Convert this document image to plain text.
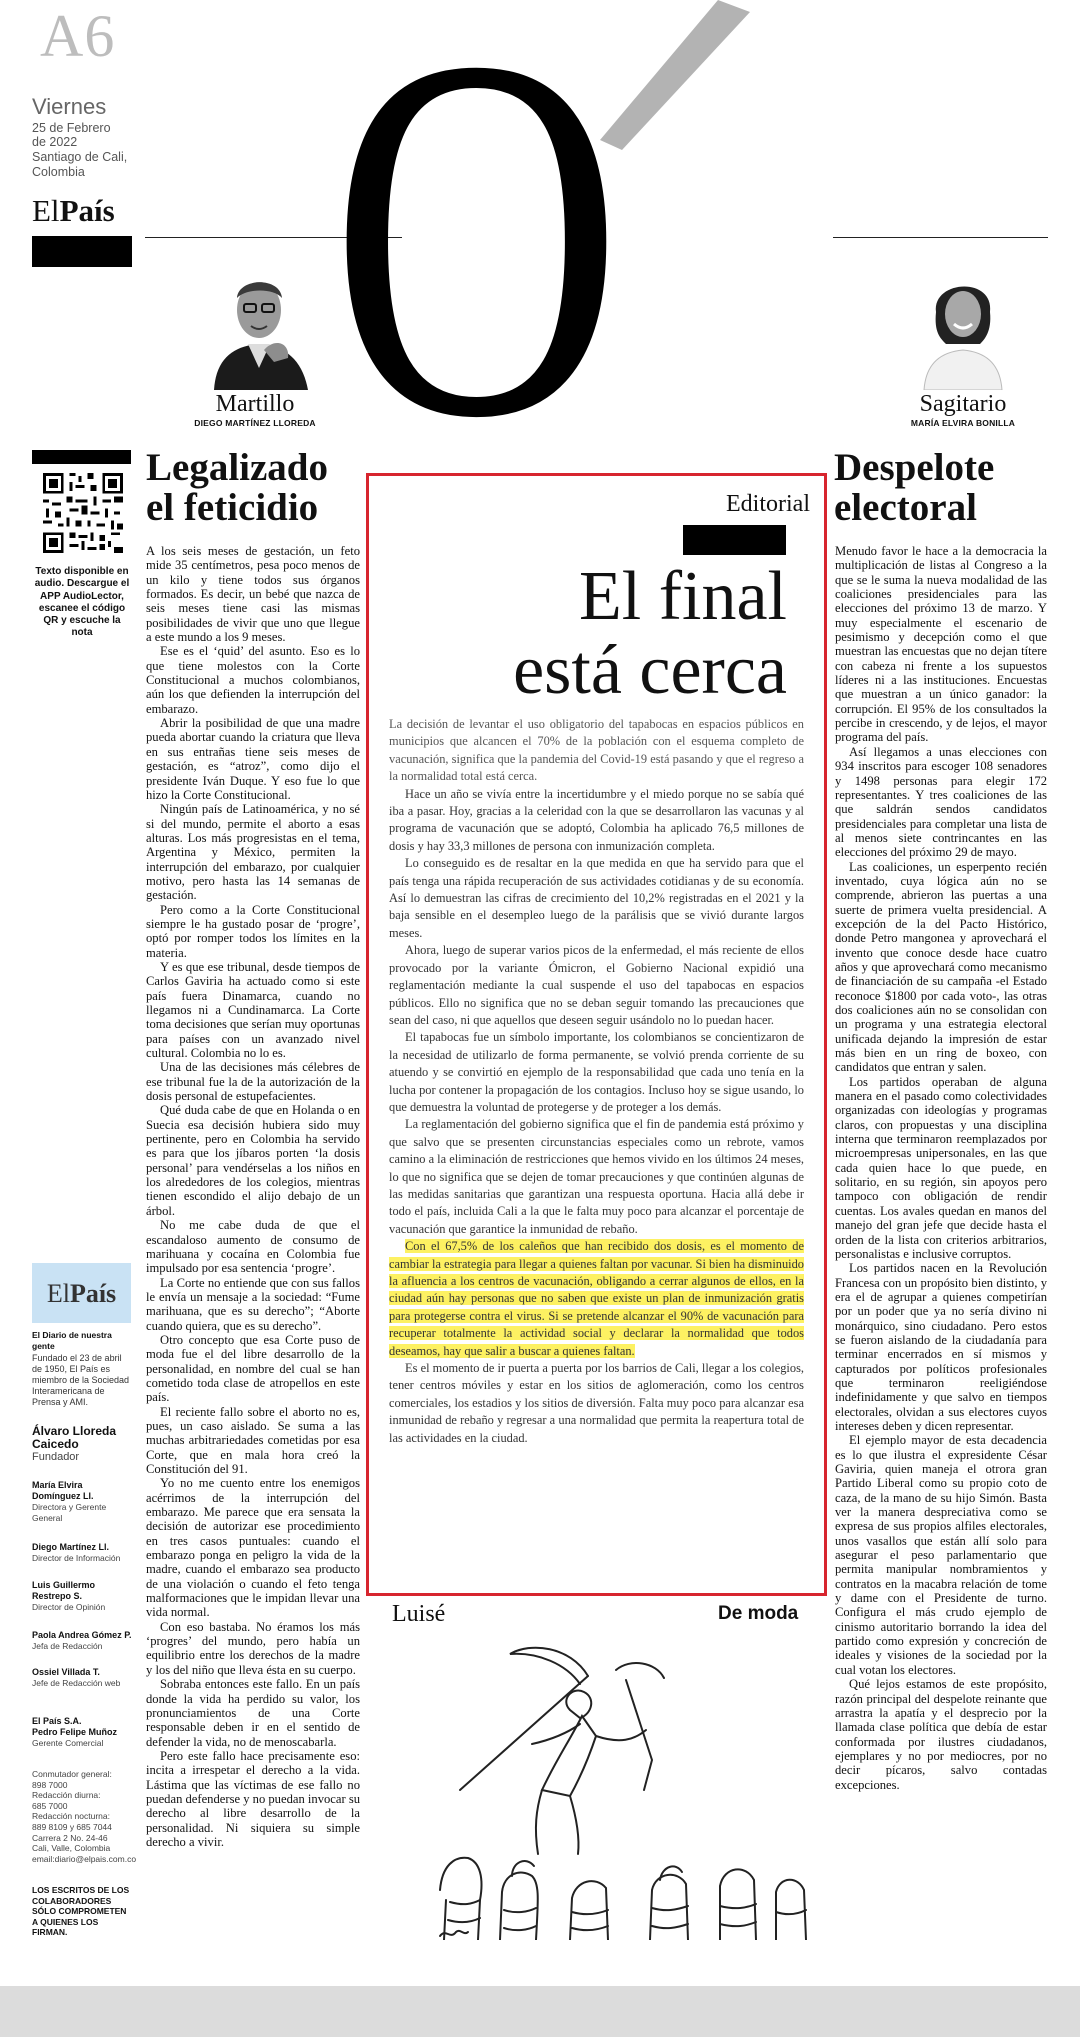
A6
Viernes
25 de Febrero
de 2022
Santiago de Cali,
Colombia
ElPaís O
Martillo
DIEGO MARTÍNEZ LLOREDA
Sagitario
MARÍA ELVIRA BONILLA
Texto disponible en audio. Descargue el APP AudioLector, escanee el código QR y escuche la nota
ElPaís
El Diario de nuestra gente
Fundado el 23 de abril de 1950, El País es miembro de la Sociedad Interamericana de Prensa y AMI.
Álvaro Lloreda Caicedo
Fundador
María Elvira Domínguez Ll.
Directora y Gerente General
Diego Martínez Ll.
Director de Información
Luis Guillermo Restrepo S.
Director de Opinión
Paola Andrea Gómez P.
Jefa de Redacción
Ossiel Villada T.
Jefe de Redacción web
El País S.A.
Pedro Felipe Muñoz
Gerente Comercial
Conmutador general:
898 7000
Redacción diurna:
685 7000
Redacción nocturna:
889 8109 y 685 7044
Carrera 2 No. 24-46
Cali, Valle, Colombia
email:diario@elpais.com.co
LOS ESCRITOS DE LOS COLABORADORES SÓLO COMPROMETEN A QUIENES LOS FIRMAN.
Legalizado
el feticidio

A los seis meses de gestación, un feto mide 35 centímetros, pesa poco menos de un kilo y tiene todos sus órganos formados. Es decir, un bebé que nazca de seis meses tiene casi las mismas posibilidades de vivir que uno que llegue a este mundo a los 9 meses.

Ese es el ‘quid’ del asunto. Eso es lo que tiene molestos con la Corte Constitucional a muchos colombianos, aún los que defienden la interrupción del embarazo.

Abrir la posibilidad de que una madre pueda abortar cuando la criatura que lleva en sus entrañas tiene seis meses de gestación, es “atroz”, como dijo el presidente Iván Duque. Y eso fue lo que hizo la Corte Constitucional.

Ningún país de Latinoamérica, y no sé si del mundo, permite el aborto a esas alturas. Los más progresistas en el tema, Argentina y México, permiten la interrupción del embarazo, por cualquier motivo, pero hasta las 14 semanas de gestación.

Pero como a la Corte Constitucional siempre le ha gustado posar de ‘progre’, optó por romper todos los límites en la materia.

Y es que ese tribunal, desde tiempos de Carlos Gaviria ha actuado como si este país fuera Dinamarca, cuando no llegamos ni a Cundinamarca. La Corte toma decisiones que serían muy oportunas para países con un avanzado nivel cultural. Colombia no lo es.

Una de las decisiones más célebres de ese tribunal fue la de la autorización de la dosis personal de estupefacientes.

Qué duda cabe de que en Holanda o en Suecia esa decisión hubiera sido muy pertinente, pero en Colombia ha servido es para que los jíbaros porten ‘la dosis personal’ para vendérselas a los niños en los alrededores de los colegios, mientras tienen escondido el alijo debajo de un árbol.

No me cabe duda de que el escandaloso aumento de consumo de marihuana y cocaína en Colombia fue impulsado por esa sentencia ‘progre’.

La Corte no entiende que con sus fallos le envía un mensaje a la sociedad: “Fume marihuana, que es su derecho”; “Aborte cuando quiera, que es su derecho”.

Otro concepto que esa Corte puso de moda fue el del libre desarrollo de la personalidad, en nombre del cual se han cometido toda clase de atropellos en este país.

El reciente fallo sobre el aborto no es, pues, un caso aislado. Se suma a las muchas arbitrariedades cometidas por esa Corte, que en mala hora creó la Constitución del 91.

Yo no me cuento entre los enemigos acérrimos de la interrupción del embarazo. Me parece que era sensata la decisión de autorizar ese procedimiento en tres casos puntuales: cuando el embarazo ponga en peligro la vida de la madre, cuando el embarazo sea producto de una violación o cuando el feto tenga malformaciones que le impidan llevar una vida normal.

Con eso bastaba. No éramos los más ‘progres’ del mundo, pero había un equilibrio entre los derechos de la madre y los del niño que lleva ésta en su cuerpo.

Sobraba entonces este fallo. En un país donde la vida ha perdido su valor, los pronunciamientos de una Corte responsable deben ir en el sentido de defender la vida, no de menoscabarla.

Pero este fallo hace precisamente eso: incita a irrespetar el derecho a la vida. Lástima que las víctimas de ese fallo no puedan defenderse y no puedan invocar su derecho al libre desarrollo de la personalidad. Ni siquiera su simple derecho a vivir.

Editorial
El final
está cerca

La decisión de levantar el uso obligatorio del tapabocas en espacios públicos en municipios que alcancen el 70% de la población con el esquema completo de vacunación, significa que la pandemia del Covid-19 está pasando y que el regreso a la normalidad total está cerca.

Hace un año se vivía entre la incertidumbre y el miedo porque no se sabía qué iba a pasar. Hoy, gracias a la celeridad con la que se desarrollaron las vacunas y al programa de vacunación que se adoptó, Colombia ha aplicado 76,5 millones de dosis y hay 33,3 millones de persona con inmunización completa.

Lo conseguido es de resaltar en la que medida en que ha servido para que el país tenga una rápida recuperación de sus actividades cotidianas y de su economía. Así lo demuestran las cifras de crecimiento del 10,2% registradas en el 2021 y la baja sensible en el desempleo luego de la parálisis que se vivió durante largos meses.

Ahora, luego de superar varios picos de la enfermedad, el más reciente de ellos provocado por la variante Ómicron, el Gobierno Nacional expidió una reglamentación mediante la cual suspende el uso del tapabocas en espacios públicos. Ello no significa que no se deban seguir tomando las precauciones que sean del caso, ni que aquellos que deseen seguir usándolo no lo puedan hacer.

El tapabocas fue un símbolo importante, los colombianos se concientizaron de la necesidad de utilizarlo de forma permanente, se volvió prenda corriente de su atuendo y se convirtió en ejemplo de la responsabilidad que cada uno tenía en la lucha por contener la propagación de los contagios. Incluso hoy se sigue usando, lo que demuestra la voluntad de protegerse y de proteger a los demás.

La reglamentación del gobierno significa que el fin de pandemia está próximo y que salvo que se presenten circunstancias especiales como un rebrote, vamos camino a la eliminación de restricciones que hemos vivido en los últimos 24 meses, lo que no significa que se dejen de tomar precauciones y que continúen algunas de las medidas sanitarias que garantizan una respuesta oportuna. Hacia allá debe ir todo el país, incluida Cali a la que le falta muy poco para alcanzar el porcentaje de vacunación que garantice la inmunidad de rebaño.

Con el 67,5% de los caleños que han recibido dos dosis, es el momento de cambiar la estrategia para llegar a quienes faltan por vacunar. Si bien ha disminuido la afluencia a los centros de vacunación, obligando a cerrar algunos de ellos, en la ciudad aún hay personas que no saben que existe un plan de inmunización gratis para protegerse contra el virus. Si se pretende alcanzar el 90% de vacunación para recuperar totalmente la actividad social y declarar la normalidad que todos deseamos, hay que salir a buscar a quienes faltan.

Es el momento de ir puerta a puerta por los barrios de Cali, llegar a los colegios, tener centros móviles y estar en los sitios de aglomeración, como los centros comerciales, los estadios y los sitios de diversión. Falta muy poco para alcanzar esa inmunidad de rebaño y regresar a una normalidad que permita la reapertura total de las actividades en la ciudad.

Luisé	De moda
Despelote
electoral

Menudo favor le hace a la democracia la multiplicación de listas al Congreso a la que se le suma la nueva modalidad de las coaliciones presidenciales para las elecciones del próximo 13 de marzo. Y muy especialmente el escenario de pesimismo y decepción como el que muestran las encuestas que no dejan títere con cabeza ni frente a los supuestos líderes ni a las instituciones. Encuestas que muestran a un único ganador: la corrupción. El 95% de los consultados la percibe in crescendo, y de lejos, el mayor programa del país.

Así llegamos a unas elecciones con 934 inscritos para escoger 108 senadores y 1498 personas para elegir 172 representantes. Y tres coaliciones de las que saldrán sendos candidatos presidenciales para completar una lista de al menos siete contrincantes en las elecciones del próximo 29 de mayo.

Las coaliciones, un esperpento recién inventado, cuya lógica aún no se comprende, abrieron las puertas a una suerte de primera vuelta presidencial. A excepción de la del Pacto Histórico, donde Petro mangonea y aprovechará el invento que conoce desde hace cuatro años y que aprovechará como mecanismo de financiación de su campaña -el Estado reconoce $1800 por cada voto-, las otras dos coaliciones aún no se consolidan con un programa y una estrategia electoral unificada dejando la impresión de estar más bien en un ring de boxeo, con candidatos que entran y salen.

Los partidos operaban de alguna manera en el pasado como colectividades organizadas con ideologías y programas claros, con propuestas y una disciplina interna que terminaron reemplazados por microempresas unipersonales, en las que cada quien hace lo que puede, en solitario, en su región, sin apoyos pero tampoco con obligación de rendir cuentas. Los avales quedan en manos del manejo del gran jefe que decide hasta el orden de la lista con criterios arbitrarios, personalistas e inclusive corruptos.

Los partidos nacen en la Revolución Francesa con un propósito bien distinto, y era el de agrupar a quienes competirían por un poder que ya no sería divino ni monárquico, sino ciudadano. Pero estos se fueron aislando de la ciudadanía para terminar encerrados en sí mismos y capturados por políticos profesionales que terminaron reeligiéndose indefinidamente y que salvo en tiempos electorales, olvidan a sus electores cuyos intereses deben y dicen representar.

El ejemplo mayor de esta decadencia es lo que ilustra el expresidente César Gaviria, quien maneja el otrora gran Partido Liberal como su propio coto de caza, de la mano de su hijo Simón. Basta ver la manera despreciativa como se expresa de sus propios alfiles electorales, unos vasallos que están allí solo para asegurar el peso parlamentario que permita manipular nombramientos y contratos en la macabra relación de tome y dame con el Presidente de turno. Configura el más crudo ejemplo de cinismo autoritario borrando la idea del partido como expresión y concreción de ideales y visiones de la sociedad por la cual votan los electores.

Qué lejos estamos de este propósito, razón principal del despelote reinante que arrastra la apatía y el desprecio por la llamada clase política que debía de estar conformada por ilustres ciudadanos, ejemplares y no por mediocres, por no decir pícaros, salvo contadas excepciones.
